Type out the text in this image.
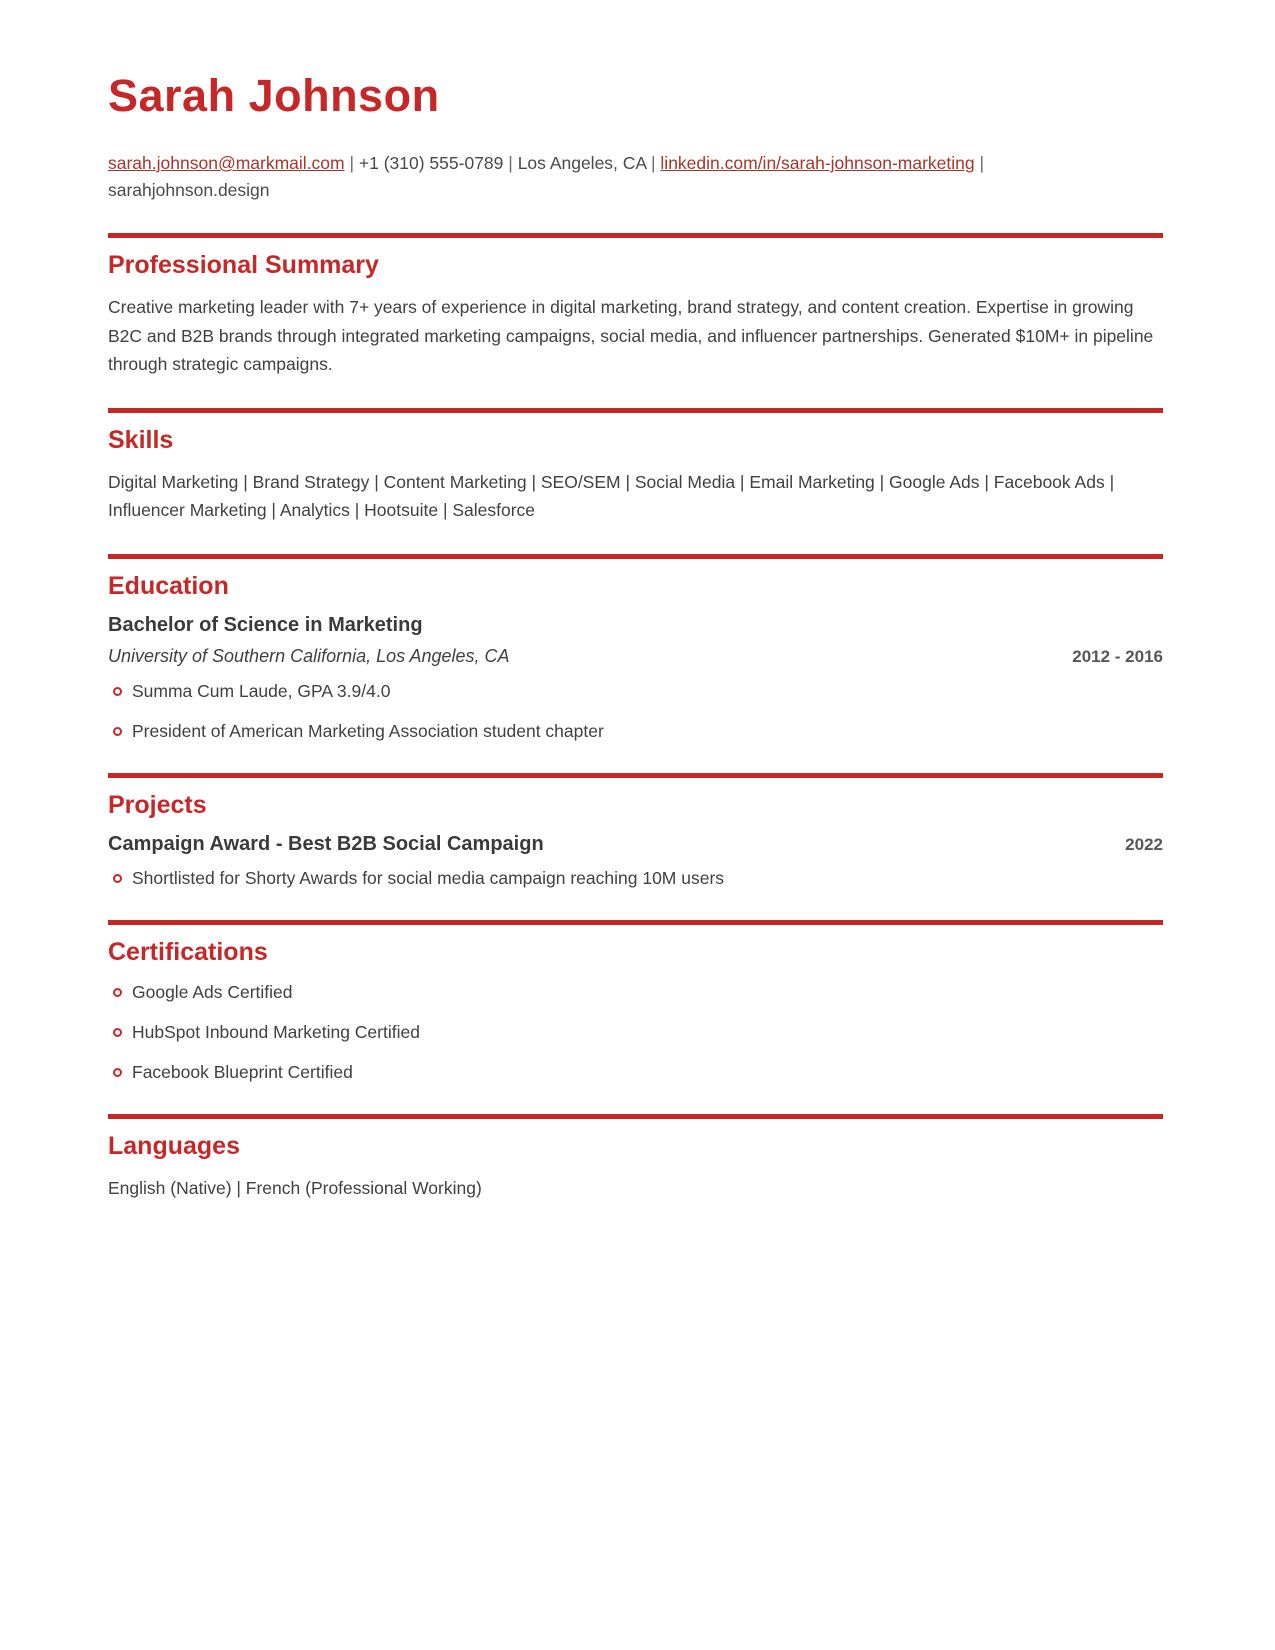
Sarah Johnson

sarah.johnson@markmail.com | +1 (310) 555-0789 | Los Angeles, CA | linkedin.com/in/sarah-johnson-marketing |
sarahjohnson.design

Professional Summary

Creative marketing leader with 7+ years of experience in digital marketing, brand strategy, and content creation. Expertise in growing B2C and B2B brands through integrated marketing campaigns, social media, and influencer partnerships. Generated $10M+ in pipeline through strategic campaigns.

Skills

Digital Marketing | Brand Strategy | Content Marketing | SEO/SEM | Social Media | Email Marketing | Google Ads | Facebook Ads | Influencer Marketing | Analytics | Hootsuite | Salesforce

Education

Bachelor of Science in Marketing

University of Southern California, Los Angeles, CA	2012 - 2016
Summa Cum Laude, GPA 3.9/4.0
President of American Marketing Association student chapter
Projects
Campaign Award - Best B2B Social Campaign	2022
Shortlisted for Shorty Awards for social media campaign reaching 10M users
Certifications
Google Ads Certified
HubSpot Inbound Marketing Certified
Facebook Blueprint Certified
Languages

English (Native) | French (Professional Working)
